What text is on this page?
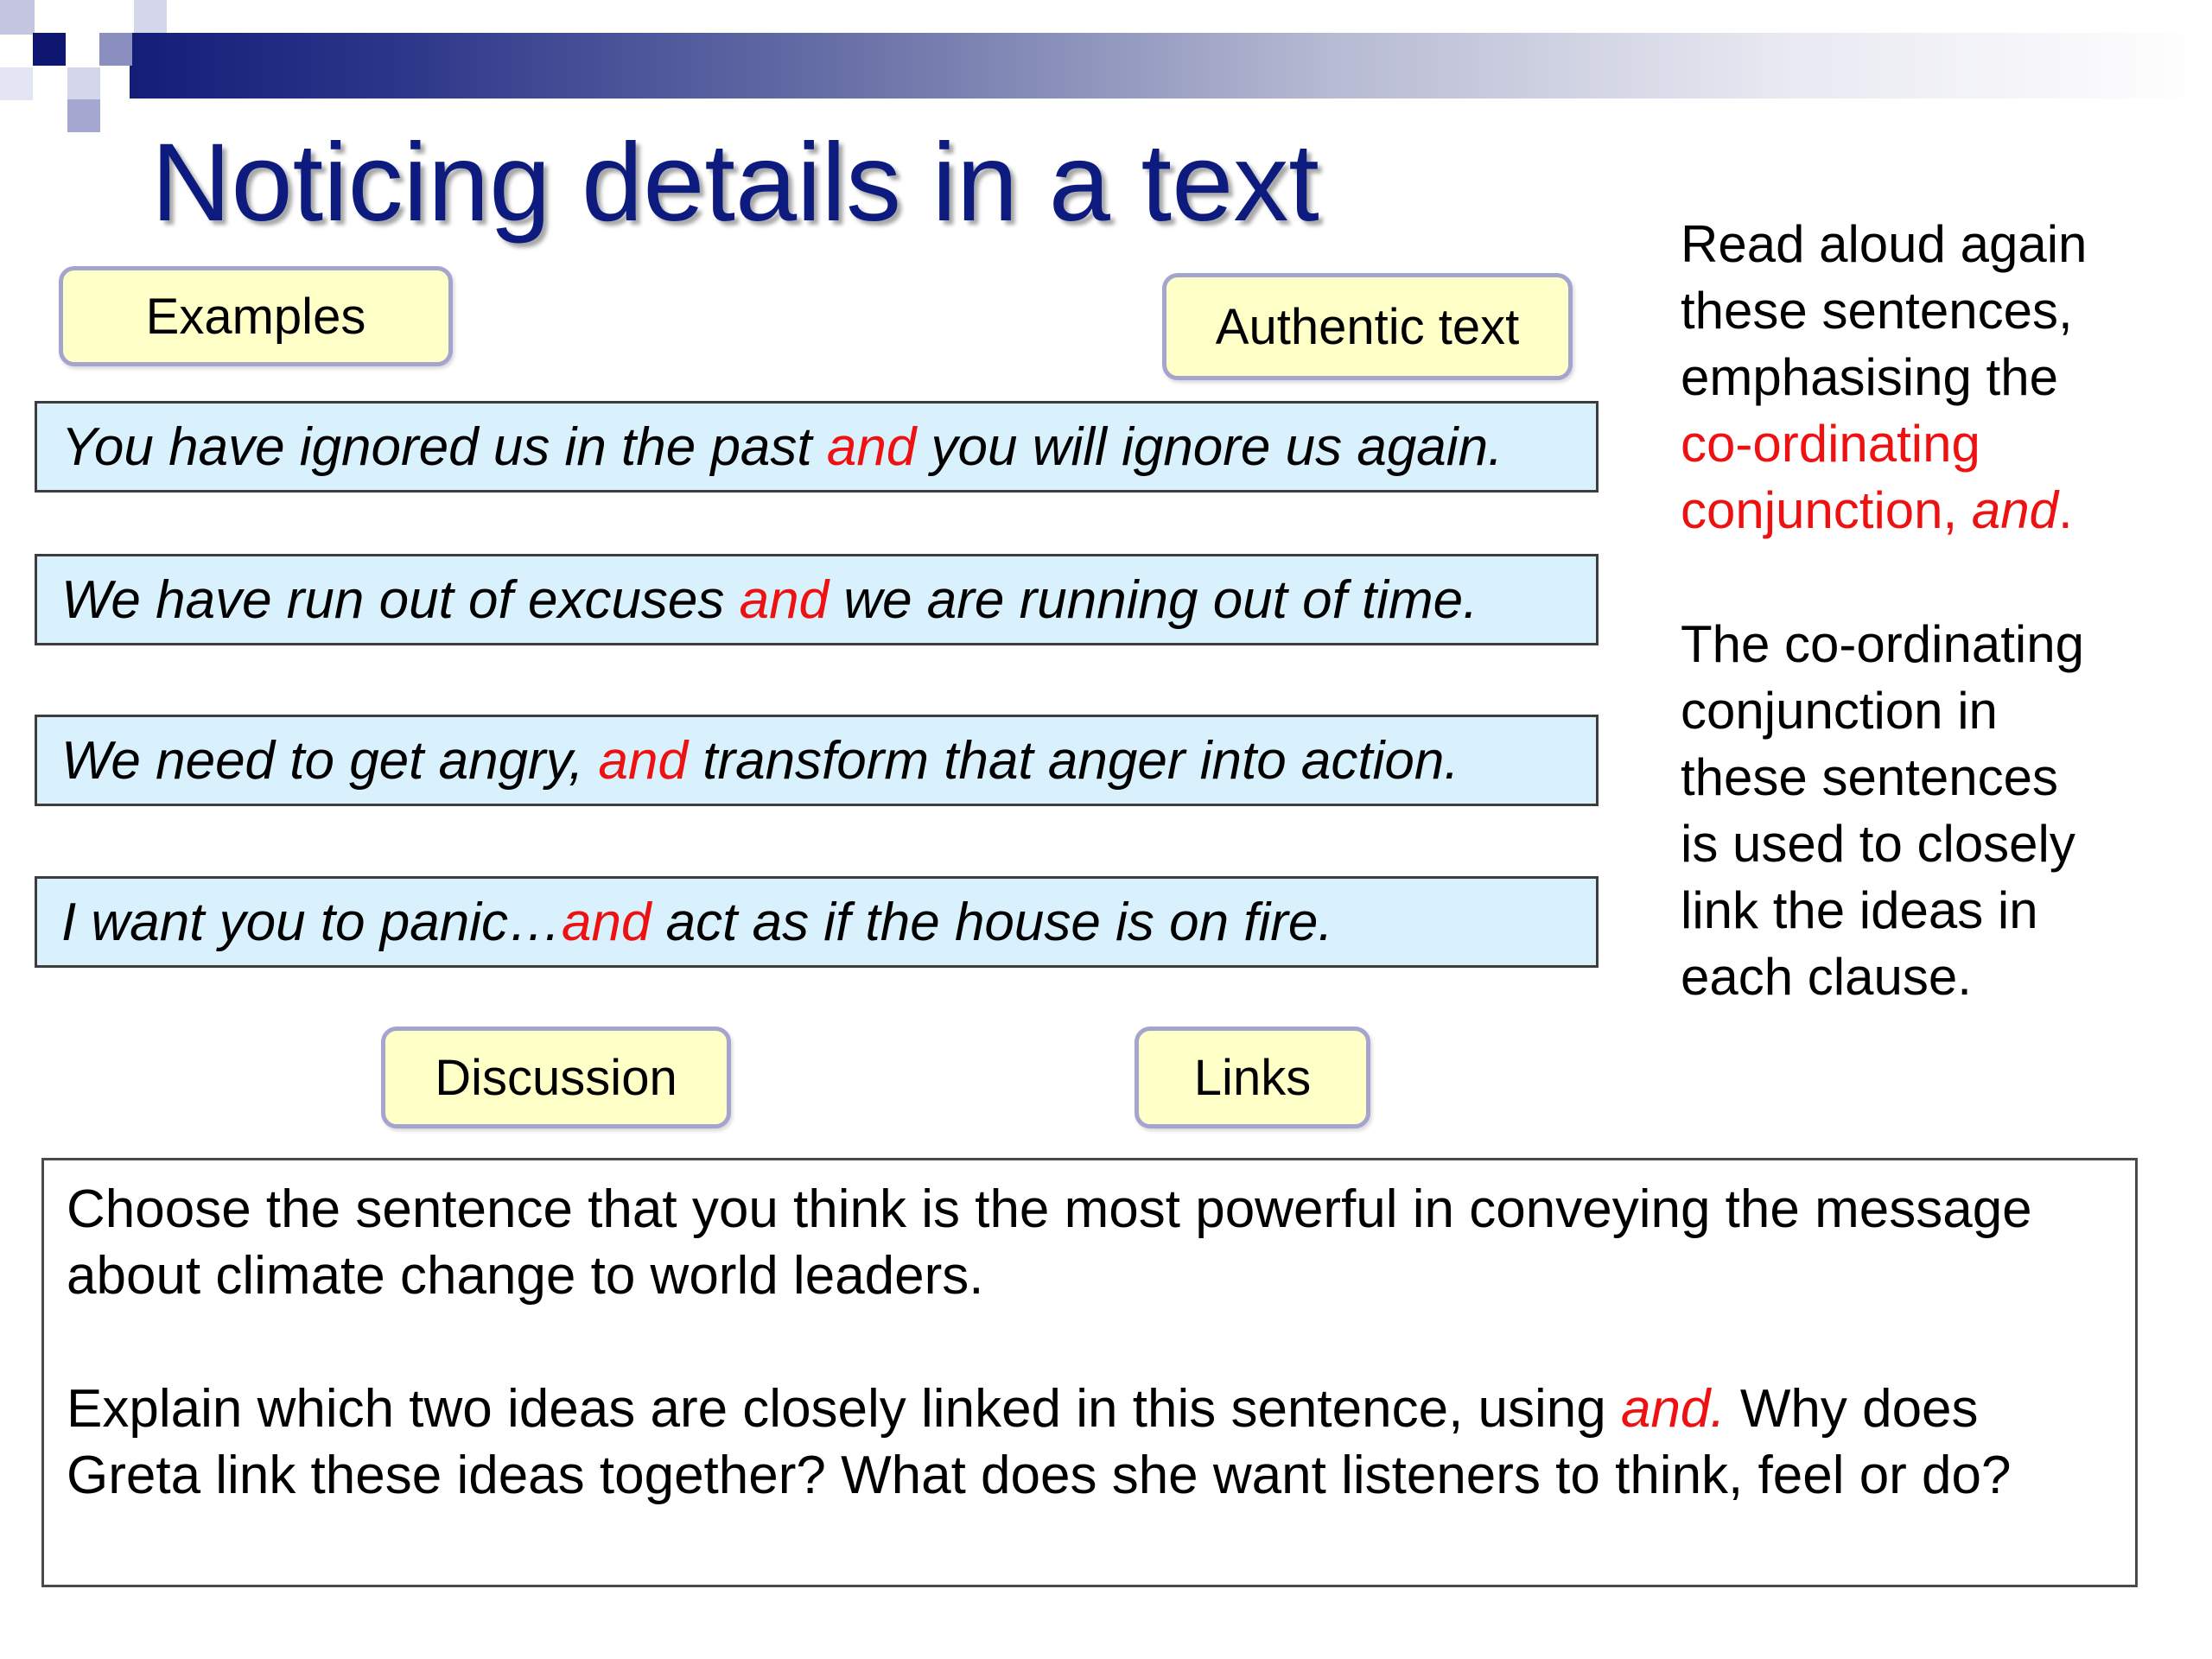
Noticing details in a text
Examples	Authentic text
You have ignored us in the past and you will ignore us again.
We have run out of excuses and we are running out of time.
We need to get angry, and transform that anger into action.
I want you to panic… and act as if the house is on fire.
Discussion	Links
Read aloud again
these sentences,
emphasising the
co-ordinating
conjunction, and.
The co-ordinating
conjunction in
these sentences
is used to closely
link the ideas in
each clause.

Choose the sentence that you think is the most powerful in conveying the message about climate change to world leaders.

Explain which two ideas are closely linked in this sentence, using and. Why does Greta link these ideas together? What does she want listeners to think, feel or do?
